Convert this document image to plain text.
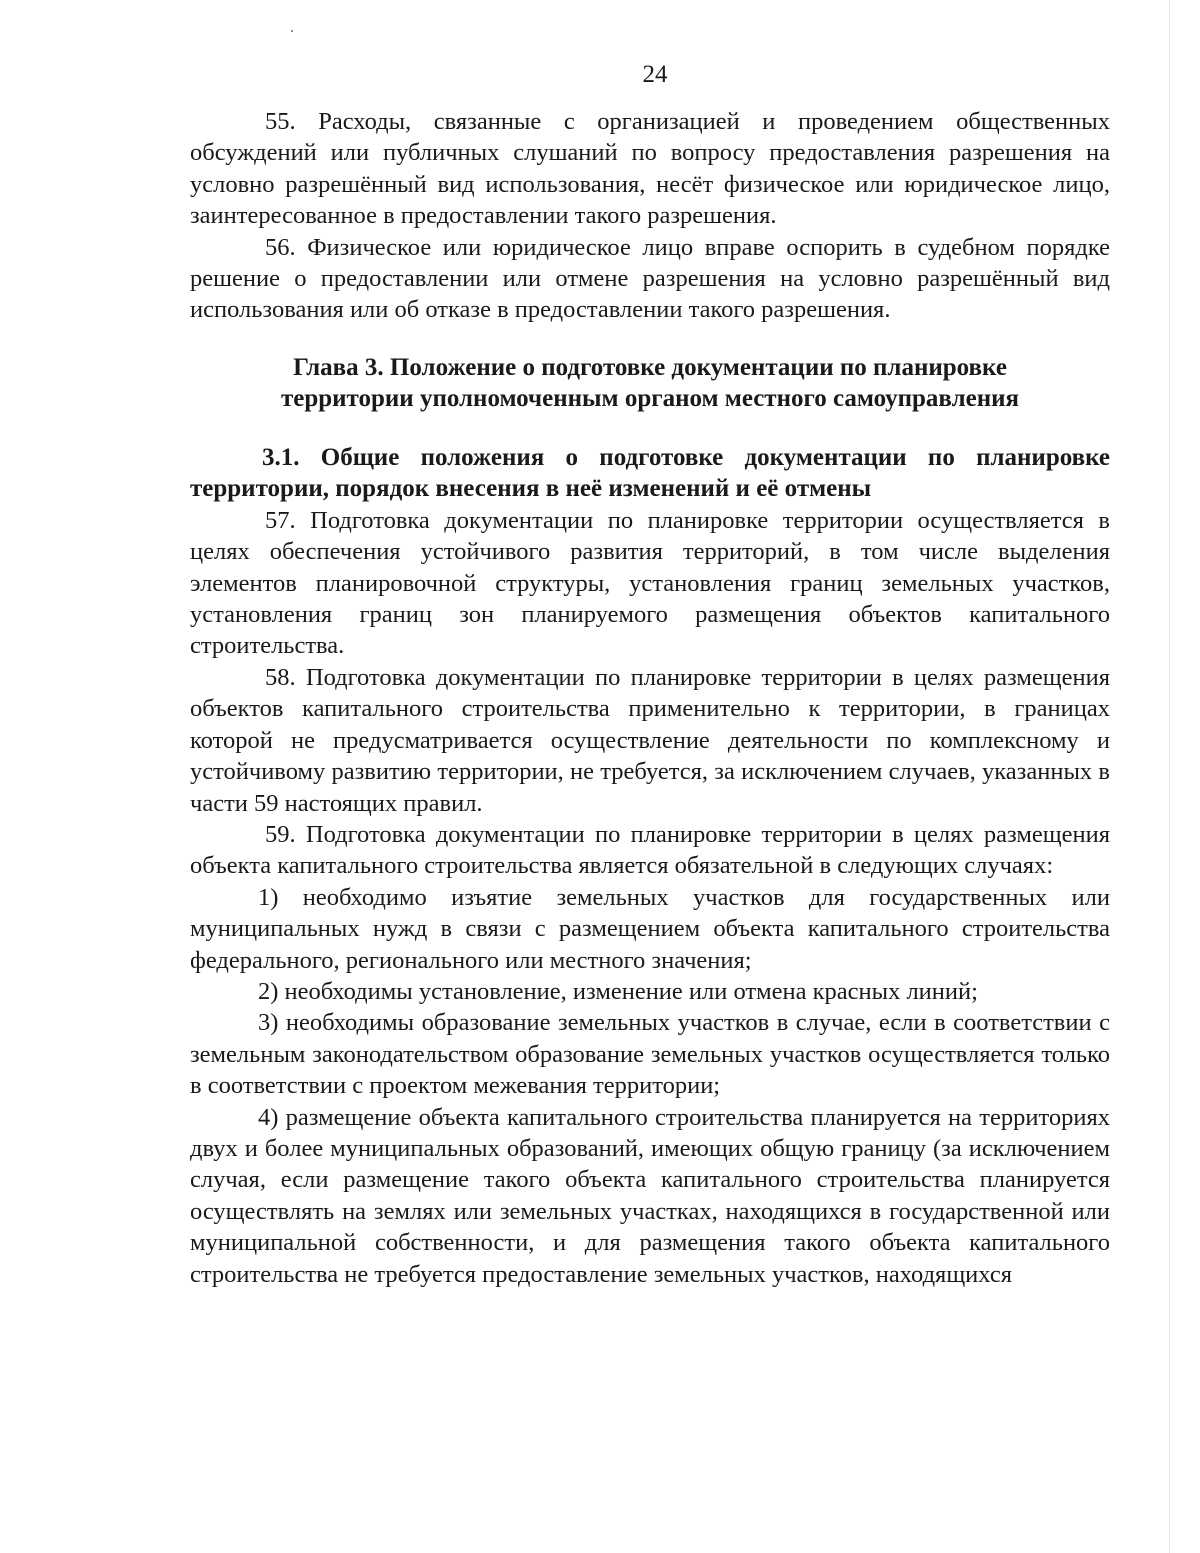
24

55. Расходы, связанные с организацией и проведением общественных обсуждений или публичных слушаний по вопросу предоставления разрешения на условно разрешённый вид использования, несёт физическое или юридическое лицо, заинтересованное в предоставлении такого разрешения.

56. Физическое или юридическое лицо вправе оспорить в судебном порядке решение о предоставлении или отмене разрешения на условно разрешённый вид использования или об отказе в предоставлении такого разрешения.

Глава 3. Положение о подготовке документации по планировке
территории уполномоченным органом местного самоуправления

3.1. Общие положения о подготовке документации по планировке территории, порядок внесения в неё изменений и её отмены

57. Подготовка документации по планировке территории осуществляется в целях обеспечения устойчивого развития территорий, в том числе выделения элементов планировочной структуры, установления границ земельных участков, установления границ зон планируемого размещения объектов капитального строительства.

58. Подготовка документации по планировке территории в целях размещения объектов капитального строительства применительно к территории, в границах которой не предусматривается осуществление деятельности по комплексному и устойчивому развитию территории, не требуется, за исключением случаев, указанных в части 59 настоящих правил.

59. Подготовка документации по планировке территории в целях размещения объекта капитального строительства является обязательной в следующих случаях:

1) необходимо изъятие земельных участков для государственных или муниципальных нужд в связи с размещением объекта капитального строительства федерального, регионального или местного значения;

2) необходимы установление, изменение или отмена красных линий;

3) необходимы образование земельных участков в случае, если в соответствии с земельным законодательством образование земельных участков осуществляется только в соответствии с проектом межевания территории;

4) размещение объекта капитального строительства планируется на территориях двух и более муниципальных образований, имеющих общую границу (за исключением случая, если размещение такого объекта капитального строительства планируется осуществлять на землях или земельных участках, находящихся в государственной или муниципальной собственности, и для размещения такого объекта капитального строительства не требуется предоставление земельных участков, находящихся
